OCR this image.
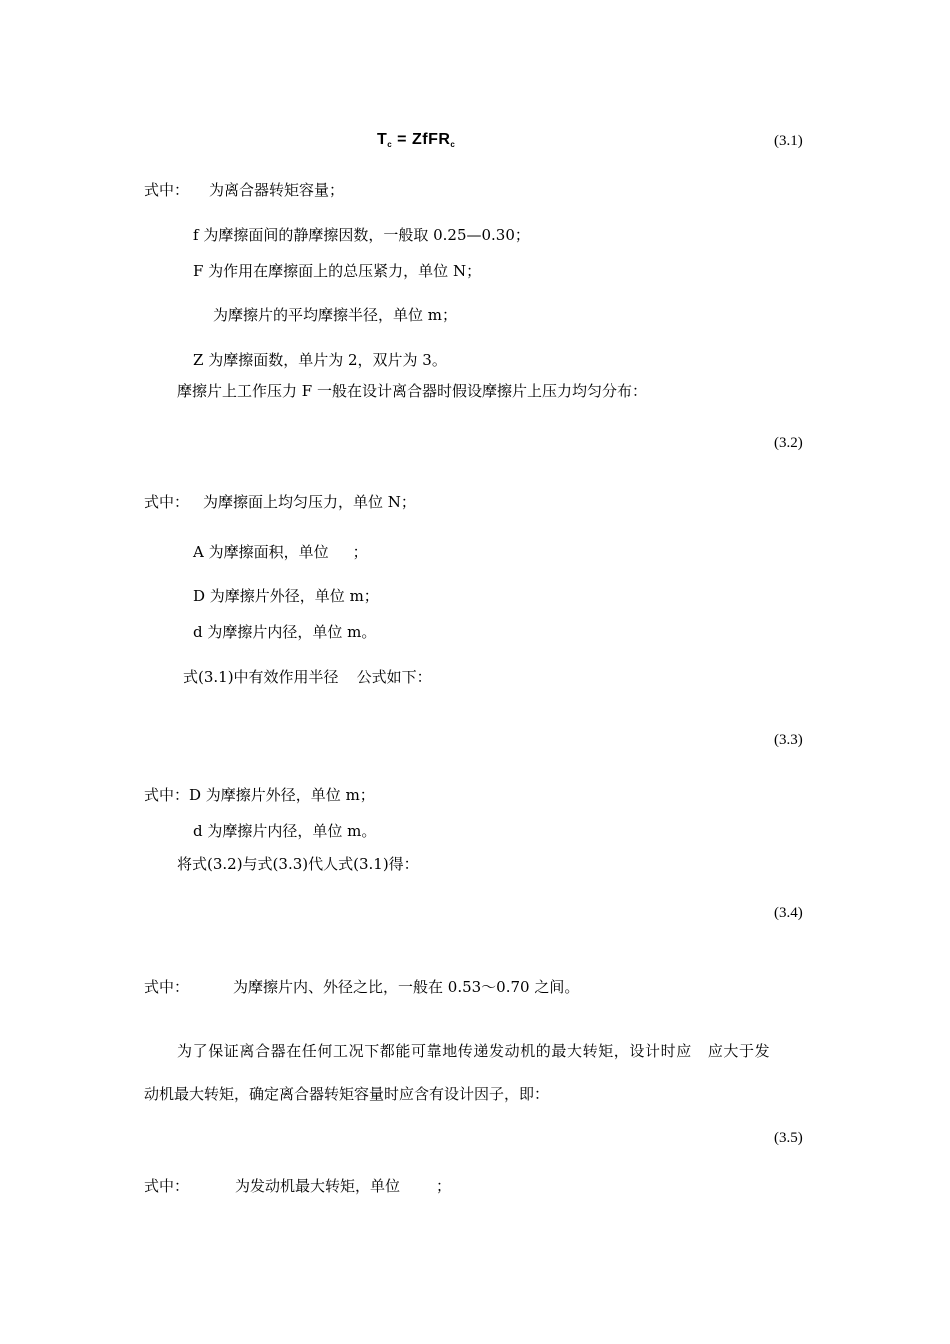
$T_c$ = ZfFR$_c$	(3.1)
式中： 为离合器转矩容量；
f 为摩擦面间的静摩擦因数，一般取 0.25—0.30；
F 为作用在摩擦面上的总压紧力，单位 N；
为摩擦片的平均摩擦半径，单位 m；
Z 为摩擦面数，单片为 2，双片为 3。
摩擦片上工作压力 F 一般在设计离合器时假设摩擦片上压力均匀分布：
(3.2)
式中： 为摩擦面上均匀压力，单位 N；
A 为摩擦面积，单位 ；
D 为摩擦片外径，单位 m；
d 为摩擦片内径，单位 m。
式(3.1)中有效作用半径 公式如下：
(3.3)
式中：D 为摩擦片外径，单位 m；
d 为摩擦片内径，单位 m。
将式(3.2)与式(3.3)代人式(3.1)得：
(3.4)
式中：	为摩擦片内、外径之比，一般在 0.53～0.70 之间。
为了保证离合器在任何工况下都能可靠地传递发动机的最大转矩，设计时应 应大于发
动机最大转矩，确定离合器转矩容量时应含有设计因子，即：
(3.5)
式中：	为发动机最大转矩，单位 ；
